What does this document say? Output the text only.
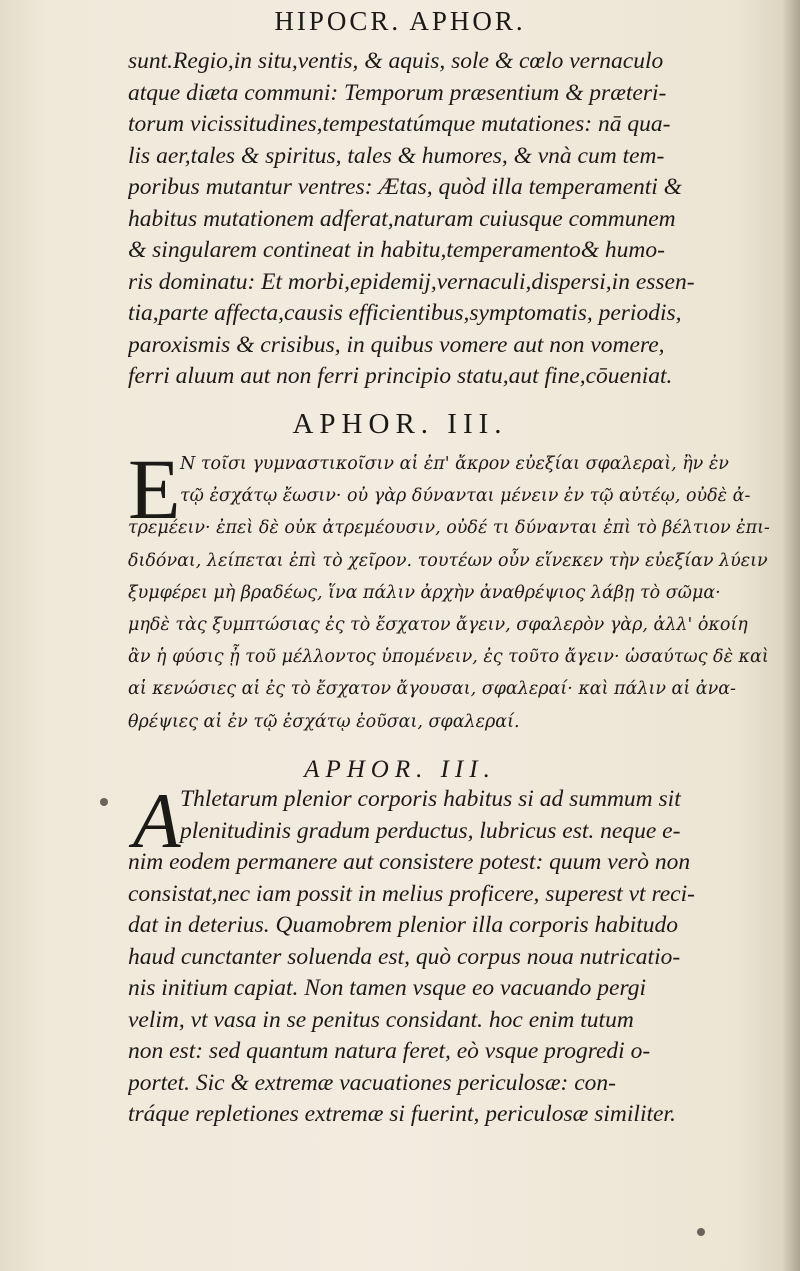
HIPOCR. APHOR.
sunt.Regio,in situ,ventis, & aquis, sole & cœlo vernaculo
atque diæta communi: Temporum præsentium & præteri-
torum vicissitudines,tempestatúmque mutationes: nā qua-
lis aer,tales & spiritus, tales & humores, & vnà cum tem-
poribus mutantur ventres: Ætas, quòd illa temperamenti &
habitus mutationem adferat,naturam cuiusque communem
& singularem contineat in habitu,temperamento& humo-
ris dominatu: Et morbi,epidemij,vernaculi,dispersi,in essen-
tia,parte affecta,causis efficientibus,symptomatis, periodis,
paroxismis & crisibus, in quibus vomere aut non vomere,
ferri aluum aut non ferri principio statu,aut fine,cōueniat.
APHOR. III.
E N τοῖσι γυμναστικοῖσιν αἱ ἐπ' ἄκρον εὐεξίαι σφαλεραὶ, ἢν ἐν
τῷ ἐσχάτῳ ἔωσιν· οὐ γὰρ δύνανται μένειν ἐν τῷ αὐτέῳ, οὐδὲ ἀ-
τρεμέειν· ἐπεὶ δὲ οὐκ ἀτρεμέουσιν, οὐδέ τι δύνανται ἐπὶ τὸ βέλτιον ἐπι-
διδόναι, λείπεται ἐπὶ τὸ χεῖρον. τουτέων οὖν εἵνεκεν τὴν εὐεξίαν λύειν
ξυμφέρει μὴ βραδέως, ἵνα πάλιν ἀρχὴν ἀναθρέψιος λάβῃ τὸ σῶμα·
μηδὲ τὰς ξυμπτώσιας ἐς τὸ ἔσχατον ἄγειν, σφαλερὸν γὰρ, ἀλλ' ὁκοίη
ἂν ἡ φύσις ᾖ τοῦ μέλλοντος ὑπομένειν, ἐς τοῦτο ἄγειν· ὡσαύτως δὲ καὶ
αἱ κενώσιες αἱ ἐς τὸ ἔσχατον ἄγουσαι, σφαλεραί· καὶ πάλιν αἱ ἀνα-
θρέψιες αἱ ἐν τῷ ἐσχάτῳ ἐοῦσαι, σφαλεραί.
APHOR. III.
A Thletarum plenior corporis habitus si ad summum sit
plenitudinis gradum perductus, lubricus est. neque e-
nim eodem permanere aut consistere potest: quum verò non
consistat,nec iam possit in melius proficere, superest vt reci-
dat in deterius. Quamobrem plenior illa corporis habitudo
haud cunctanter soluenda est, quò corpus noua nutricatio-
nis initium capiat. Non tamen vsque eo vacuando pergi
velim, vt vasa in se penitus considant. hoc enim tutum
non est: sed quantum natura feret, eò vsque progredi o-
portet. Sic & extremæ vacuationes periculosæ: con-
tráque repletiones extremæ si fuerint, periculosæ similiter.
